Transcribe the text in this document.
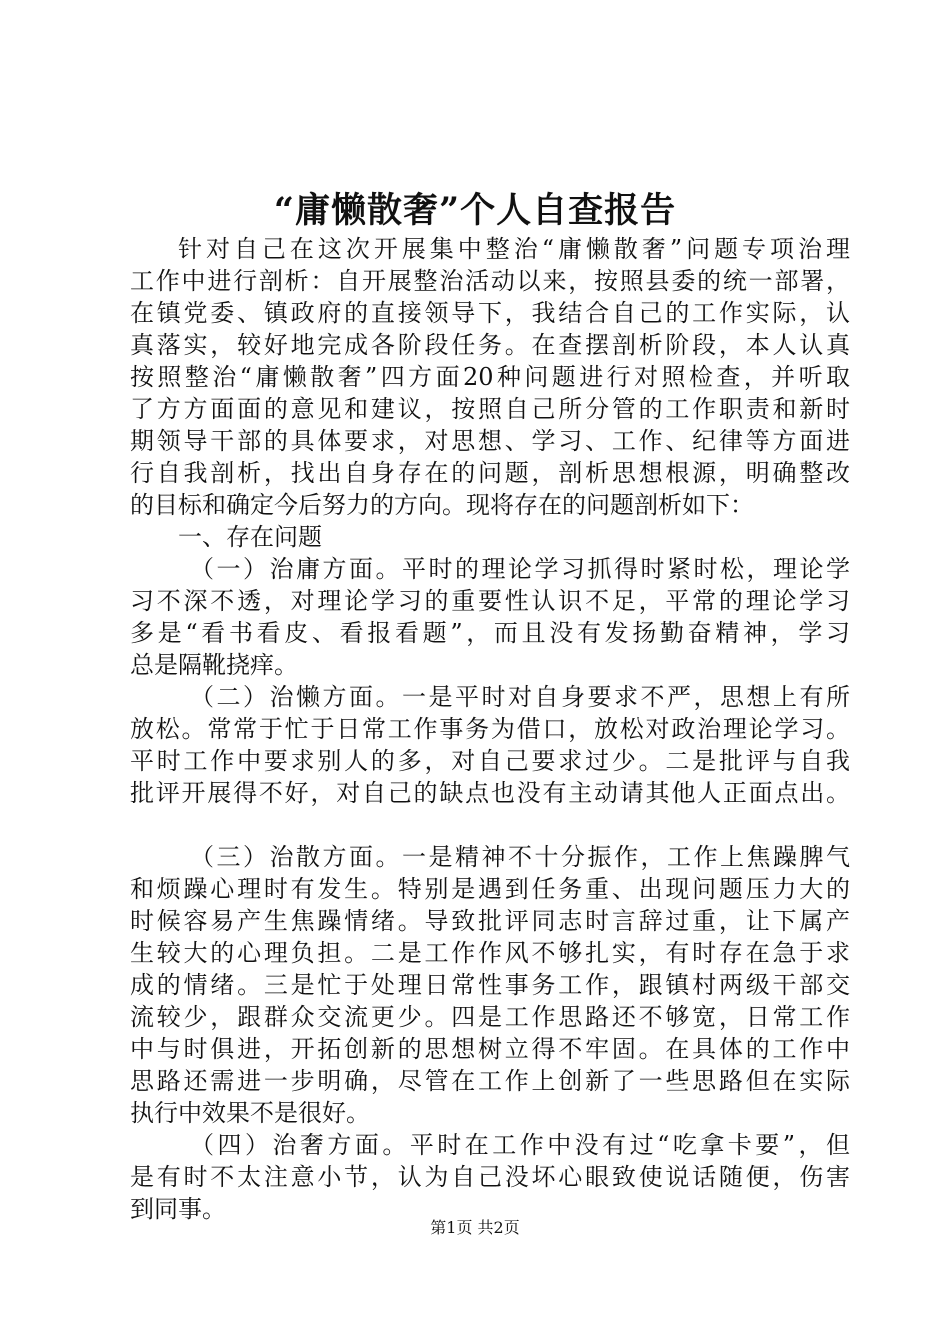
“庸懒散奢”个人自查报告
针对自己在这次开展集中整治“庸懒散奢”问题专项治理
工作中进行剖析：自开展整治活动以来，按照县委的统一部署，
在镇党委、镇政府的直接领导下，我结合自己的工作实际，认
真落实，较好地完成各阶段任务。在查摆剖析阶段，本人认真
按照整治“庸懒散奢”四方面20种问题进行对照检查，并听取
了方方面面的意见和建议，按照自己所分管的工作职责和新时
期领导干部的具体要求，对思想、学习、工作、纪律等方面进
行自我剖析，找出自身存在的问题，剖析思想根源，明确整改
的目标和确定今后努力的方向。现将存在的问题剖析如下：
一、存在问题
（一）治庸方面。平时的理论学习抓得时紧时松，理论学
习不深不透，对理论学习的重要性认识不足，平常的理论学习
多是“看书看皮、看报看题”，而且没有发扬勤奋精神，学习
总是隔靴挠痒。
（二）治懒方面。一是平时对自身要求不严，思想上有所
放松。常常于忙于日常工作事务为借口，放松对政治理论学习。
平时工作中要求别人的多，对自己要求过少。二是批评与自我
批评开展得不好，对自己的缺点也没有主动请其他人正面点出。
（三）治散方面。一是精神不十分振作，工作上焦躁脾气
和烦躁心理时有发生。特别是遇到任务重、出现问题压力大的
时候容易产生焦躁情绪。导致批评同志时言辞过重，让下属产
生较大的心理负担。二是工作作风不够扎实，有时存在急于求
成的情绪。三是忙于处理日常性事务工作，跟镇村两级干部交
流较少，跟群众交流更少。四是工作思路还不够宽，日常工作
中与时俱进，开拓创新的思想树立得不牢固。在具体的工作中
思路还需进一步明确，尽管在工作上创新了一些思路但在实际
执行中效果不是很好。
（四）治奢方面。平时在工作中没有过“吃拿卡要”，但
是有时不太注意小节，认为自己没坏心眼致使说话随便，伤害
到同事。
第1页 共2页
